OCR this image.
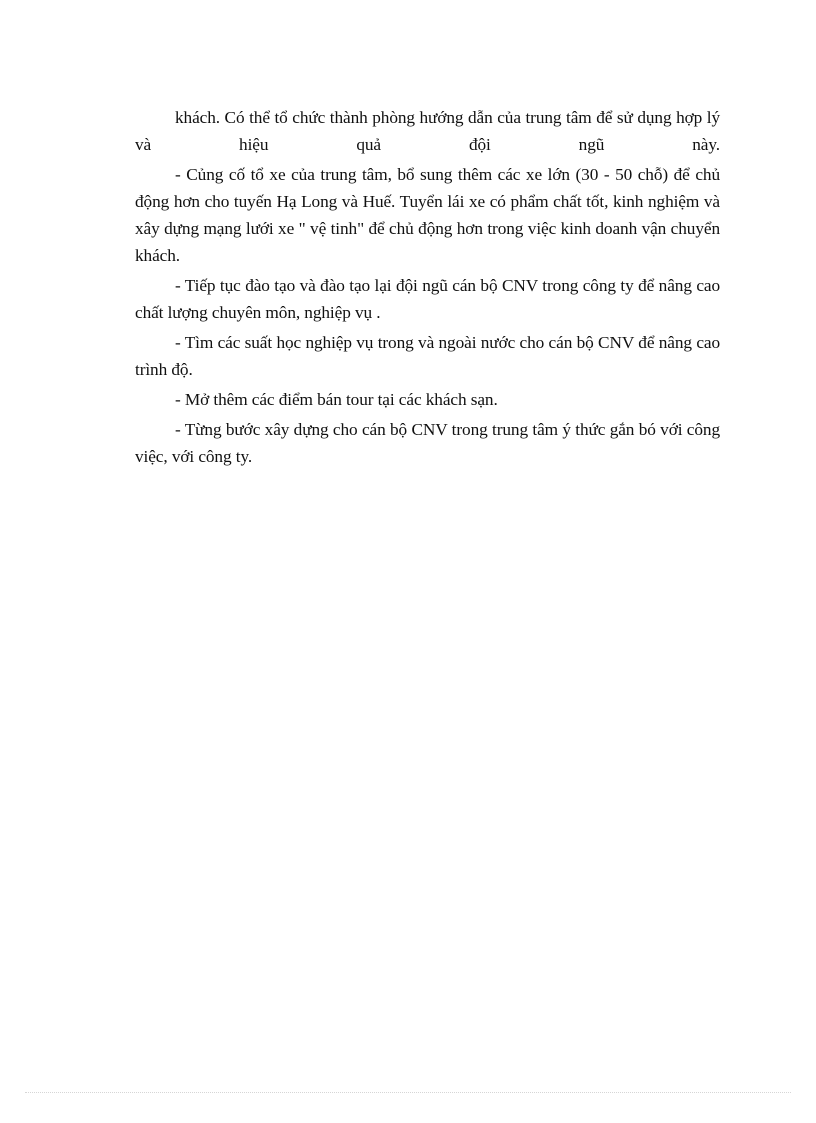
khách. Có thể tổ chức thành phòng hướng dẫn của trung tâm để sử dụng hợp lý và hiệu quả đội ngũ này.

- Củng cố tổ xe của trung tâm, bổ sung thêm các xe lớn (30 - 50 chỗ) để chủ động hơn cho tuyến Hạ Long và Huế. Tuyển lái xe có phẩm chất tốt, kinh nghiệm và xây dựng mạng lưới xe " vệ tinh" để chủ động hơn trong việc kinh doanh vận chuyển khách.

- Tiếp tục đào tạo và đào tạo lại đội ngũ cán bộ CNV trong công ty để nâng cao chất lượng chuyên môn, nghiệp vụ .

- Tìm các suất học nghiệp vụ trong và ngoài nước cho cán bộ CNV để nâng cao trình độ.

- Mở thêm các điểm bán tour tại các khách sạn.

- Từng bước xây dựng cho cán bộ CNV trong trung tâm ý thức gắn bó với công việc, với công ty.
